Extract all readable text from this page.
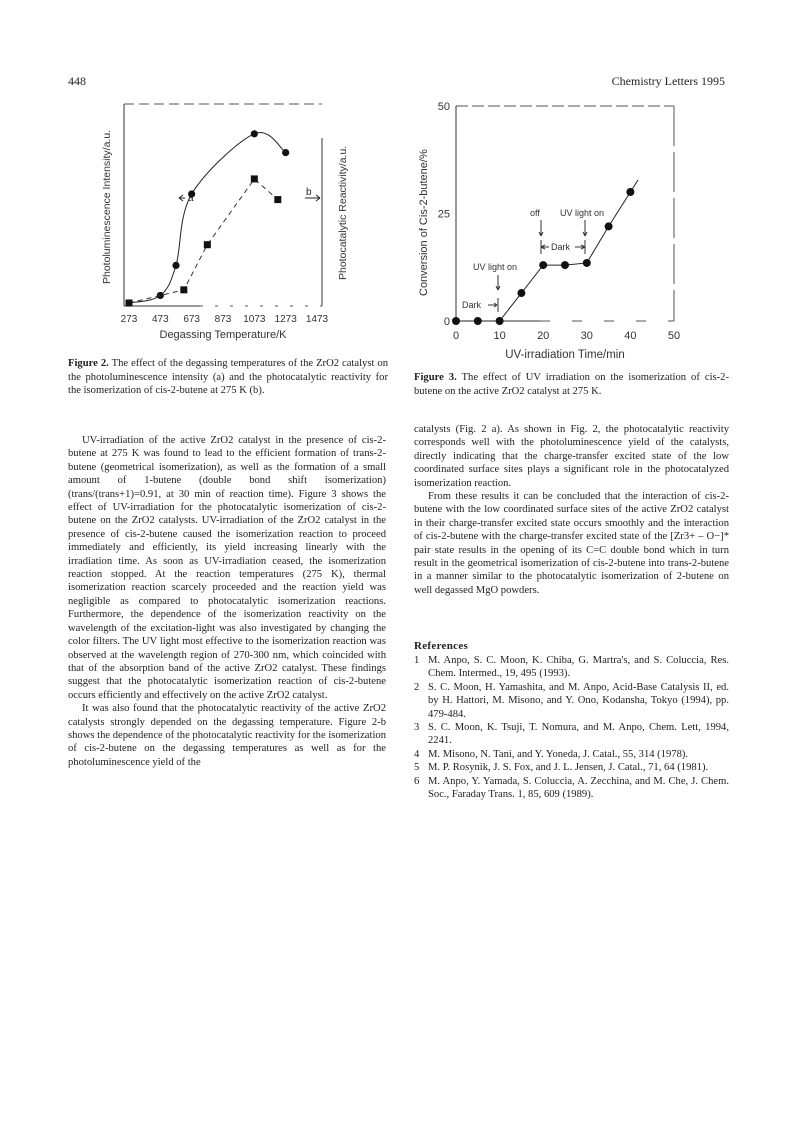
448	Chemistry Letters 1995
Photoluminescence Intensity/a.u.	Photocatalytic Reactivity/a.u.
273 473 673 873 1073 1273 1473
Degassing Temperature/K
a
b
Figure 2. The effect of the degassing temperatures of the ZrO2 catalyst on the photoluminescence intensity (a) and the photocatalytic reactivity for the isomerization of cis-2-butene at 275 K (b).
Conversion of Cis-2-butene/%
0
25
50
0	10	20	30	40	50
UV-irradiation Time/min
Dark
UV light on
off UV light on
Dark
Figure 3. The effect of UV irradiation on the isomerization of cis-2-butene on the active ZrO2 catalyst at 275 K.

UV-irradiation of the active ZrO2 catalyst in the presence of cis-2-butene at 275 K was found to lead to the efficient formation of trans-2-butene (geometrical isomerization), as well as the formation of a small amount of 1-butene (double bond shift isomerization)(trans/(trans+1)=0.91, at 30 min of reaction time). Figure 3 shows the effect of UV-irradiation for the photocatalytic isomerization of cis-2-butene on the ZrO2 catalysts. UV-irradiation of the ZrO2 catalyst in the presence of cis-2-butene caused the isomerization reaction to proceed immediately and efficiently, its yield increasing linearly with the irradiation time. As soon as UV-irradiation ceased, the isomerization reaction stopped. At the reaction temperatures (275 K), thermal isomerization reaction scarcely proceeded and the reaction yield was negligible as compared to photocatalytic isomerization reactions. Furthermore, the dependence of the isomerization reactivity on the wavelength of the excitation-light was also investigated by changing the color filters. The UV light most effective to the isomerization reaction was observed at the wavelength region of 270-300 nm, which coincided with that of the absorption band of the active ZrO2 catalyst. These findings suggest that the photocatalytic isomerization reaction of cis-2-butene occurs efficiently and effectively on the active ZrO2 catalyst.

It was also found that the photocatalytic reactivity of the active ZrO2 catalysts strongly depended on the degassing temperature. Figure 2-b shows the dependence of the photocatalytic reactivity for the isomerization of cis-2-butene on the degassing temperatures as well as for the photoluminescence yield of the

catalysts (Fig. 2 a). As shown in Fig. 2, the photocatalytic reactivity corresponds well with the photoluminescence yield of the catalysts, directly indicating that the charge-transfer excited state of the low coordinated surface sites plays a significant role in the photocatalyzed isomerization reaction.

From these results it can be concluded that the interaction of cis-2-butene with the low coordinated surface sites of the active ZrO2 catalyst in their charge-transfer excited state occurs smoothly and the interaction of cis-2-butene with the charge-transfer excited state of the [Zr3+ – O−]* pair state results in the opening of its C=C double bond which in turn result in the geometrical isomerization of cis-2-butene into trans-2-butene in a manner similar to the photocatalytic isomerization of 2-butene on well degassed MgO powders.

References
1 M. Anpo, S. C. Moon, K. Chiba, G. Martra's, and S. Coluccia, Res. Chem. Intermed., 19, 495 (1993).
2 S. C. Moon, H. Yamashita, and M. Anpo, Acid-Base Catalysis II, ed. by H. Hattori, M. Misono, and Y. Ono, Kodansha, Tokyo (1994), pp. 479-484.
3 S. C. Moon, K. Tsuji, T. Nomura, and M. Anpo, Chem. Lett, 1994, 2241.
4 M. Misono, N. Tani, and Y. Yoneda, J. Catal., 55, 314 (1978).
5 M. P. Rosynik, J. S. Fox, and J. L. Jensen, J. Catal., 71, 64 (1981).
6 M. Anpo, Y. Yamada, S. Coluccia, A. Zecchina, and M. Che, J. Chem. Soc., Faraday Trans. 1, 85, 609 (1989).
